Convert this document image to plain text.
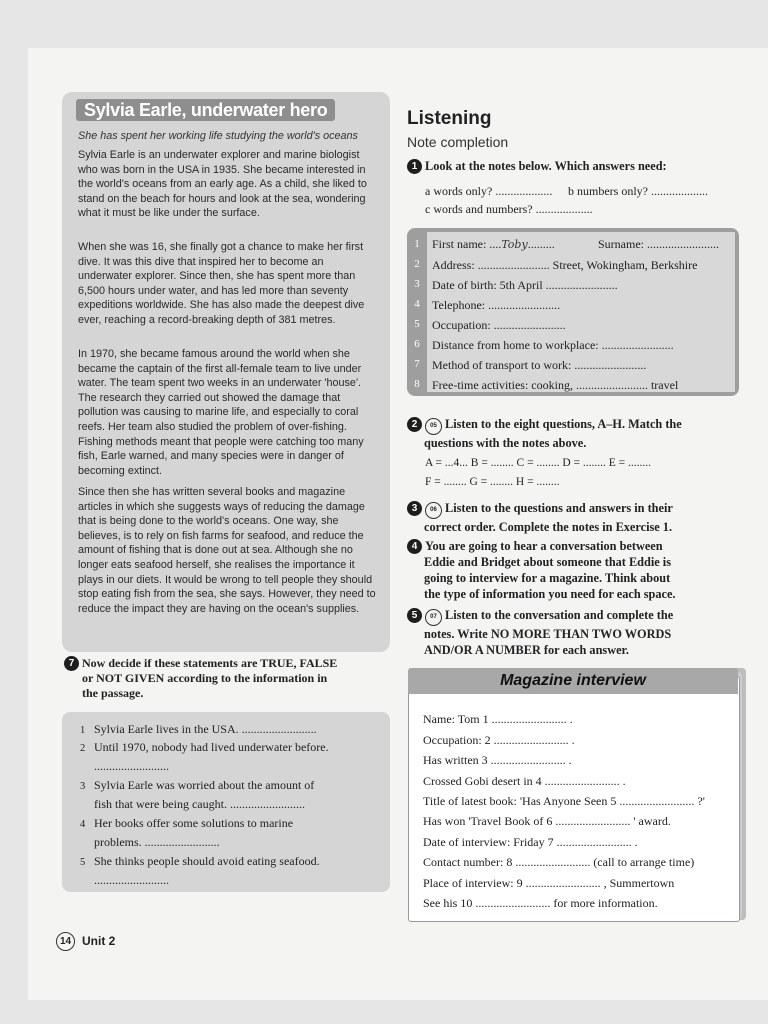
Sylvia Earle, underwater hero
She has spent her working life studying the world's oceans

Sylvia Earle is an underwater explorer and marine biologist who was born in the USA in 1935. She became interested in the world's oceans from an early age. As a child, she liked to stand on the beach for hours and look at the sea, wondering what it must be like under the surface.

When she was 16, she finally got a chance to make her first dive. It was this dive that inspired her to become an underwater explorer. Since then, she has spent more than 6,500 hours under water, and has led more than seventy expeditions worldwide. She has also made the deepest dive ever, reaching a record-breaking depth of 381 metres.

In 1970, she became famous around the world when she became the captain of the first all-female team to live under water. The team spent two weeks in an underwater 'house'. The research they carried out showed the damage that pollution was causing to marine life, and especially to coral reefs. Her team also studied the problem of over-fishing. Fishing methods meant that people were catching too many fish, Earle warned, and many species were in danger of becoming extinct.

Since then she has written several books and magazine articles in which she suggests ways of reducing the damage that is being done to the world's oceans. One way, she believes, is to rely on fish farms for seafood, and reduce the amount of fishing that is done out at sea. Although she no longer eats seafood herself, she realises the importance it plays in our diets. It would be wrong to tell people they should stop eating fish from the sea, she says. However, they need to reduce the impact they are having on the ocean's supplies.

7 Now decide if these statements are TRUE, FALSE
or NOT GIVEN according to the information in
the passage.
1 Sylvia Earle lives in the USA. .........................
2 Until 1970, nobody had lived underwater before.
.........................
3 Sylvia Earle was worried about the amount of
fish that were being caught. .........................
4 Her books offer some solutions to marine
problems. .........................
5 She thinks people should avoid eating seafood.
.........................
Listening
Note completion
1 Look at the notes below. Which answers need:
a words only? ................... b numbers only? ...................
c words and numbers? ...................
1	First name: ....Toby.........	Surname: ........................
2	Address: ........................ Street, Wokingham, Berkshire
3	Date of birth: 5th April ........................
4	Telephone: ........................
5	Occupation: ........................
6	Distance from home to workplace: ........................
7	Method of transport to work: ........................
8	Free-time activities: cooking, ........................ travel
2 05 Listen to the eight questions, A–H. Match the
questions with the notes above.
A = ...4... B = ........ C = ........ D = ........ E = ........
F = ........ G = ........ H = ........
3 06 Listen to the questions and answers in their
correct order. Complete the notes in Exercise 1.
4 You are going to hear a conversation between
Eddie and Bridget about someone that Eddie is
going to interview for a magazine. Think about
the type of information you need for each space.
5 07 Listen to the conversation and complete the
notes. Write NO MORE THAN TWO WORDS
AND/OR A NUMBER for each answer.
Magazine interview
Name: Tom 1 ......................... .
Occupation: 2 ......................... .
Has written 3 ......................... .
Crossed Gobi desert in 4 ......................... .
Title of latest book: 'Has Anyone Seen 5 ......................... ?'
Has won 'Travel Book of 6 ......................... ' award.
Date of interview: Friday 7 ......................... .
Contact number: 8 ......................... (call to arrange time)
Place of interview: 9 ......................... , Summertown
See his 10 ......................... for more information.
14 Unit 2
